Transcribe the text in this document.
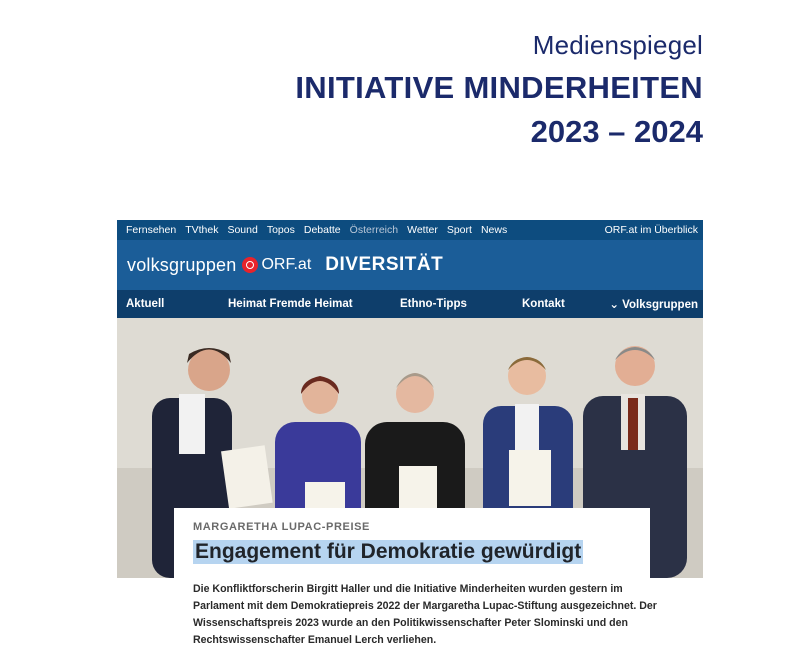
Medienspiegel
INITIATIVE MINDERHEITEN
2023 – 2024
Fernsehen TVthek Sound Topos Debatte Österreich Wetter Sport News	ORF.at im Überblick
volksgruppen ORF.at DIVERSITÄT
Aktuell	Heimat Fremde Heimat	Ethno-Tipps	Kontakt	⌄ Volksgruppen
MARGARETHA LUPAC-PREISE
Engagement für Demokratie gewürdigt
Die Konfliktforscherin Birgitt Haller und die Initiative Minderheiten wurden gestern im
Parlament mit dem Demokratiepreis 2022 der Margaretha Lupac-Stiftung ausgezeichnet. Der
Wissenschaftspreis 2023 wurde an den Politikwissenschafter Peter Slominski und den
Rechtswissenschafter Emanuel Lerch verliehen.
